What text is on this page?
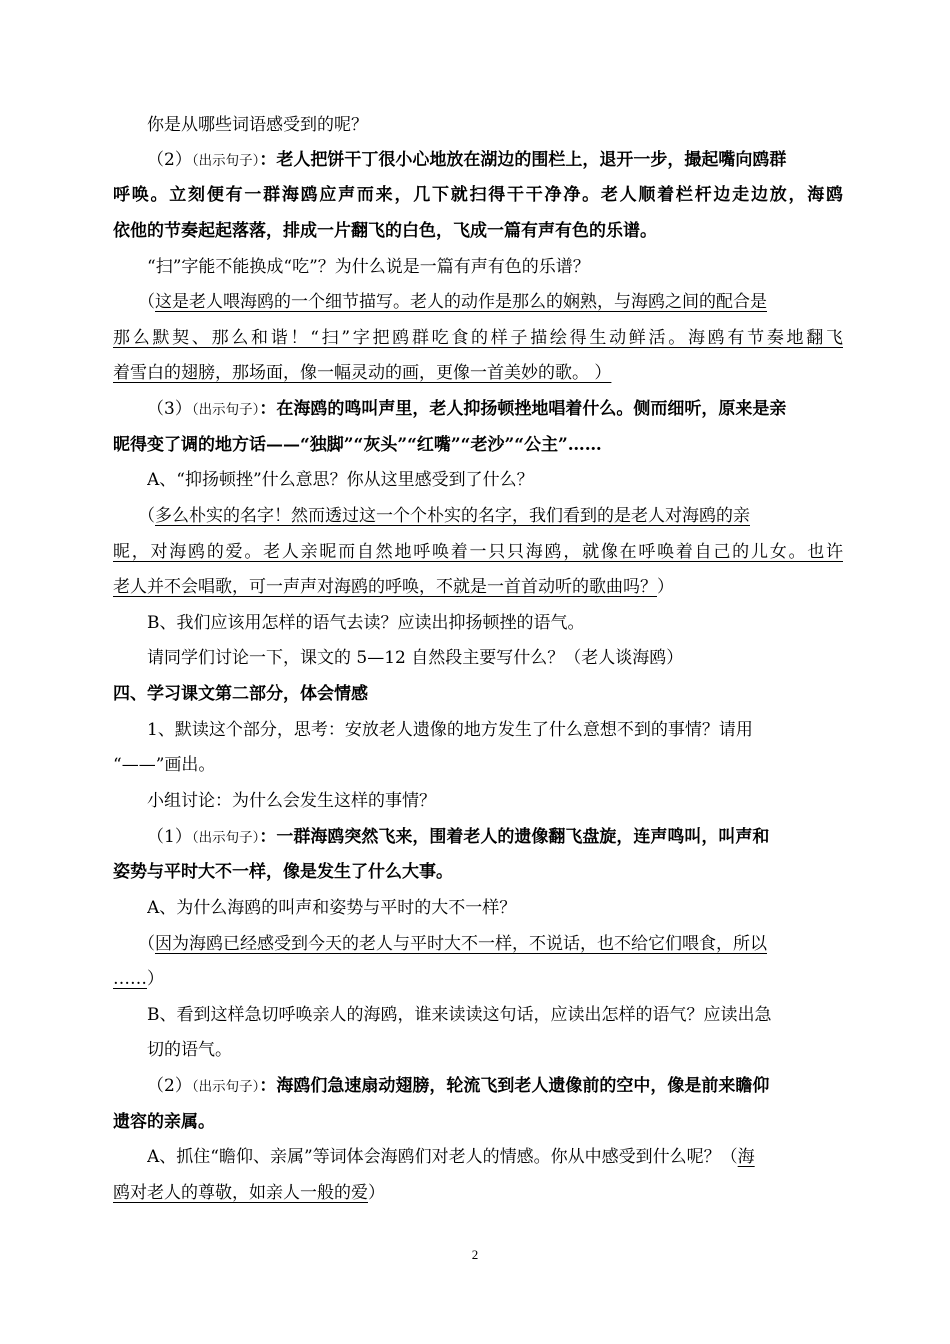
你是从哪些词语感受到的呢？
（2）（出示句子）：老人把饼干丁很小心地放在湖边的围栏上，退开一步，撮起嘴向鸥群
呼唤。立刻便有一群海鸥应声而来，几下就扫得干干净净。老人顺着栏杆边走边放，海鸥
依他的节奏起起落落，排成一片翻飞的白色，飞成一篇有声有色的乐谱。
“扫”字能不能换成“吃”？为什么说是一篇有声有色的乐谱？
（这是老人喂海鸥的一个细节描写。老人的动作是那么的娴熟，与海鸥之间的配合是
那么默契、那么和谐！“扫”字把鸥群吃食的样子描绘得生动鲜活。海鸥有节奏地翻飞
着雪白的翅膀，那场面，像一幅灵动的画，更像一首美妙的歌。 ）
（3）（出示句子）：在海鸥的鸣叫声里，老人抑扬顿挫地唱着什么。侧而细听，原来是亲
昵得变了调的地方话——“独脚”“灰头”“红嘴”“老沙”“公主”……
A、“抑扬顿挫”什么意思？你从这里感受到了什么？
（多么朴实的名字！然而透过这一个个朴实的名字，我们看到的是老人对海鸥的亲
昵，对海鸥的爱。老人亲昵而自然地呼唤着一只只海鸥，就像在呼唤着自己的儿女。也许
老人并不会唱歌，可一声声对海鸥的呼唤，不就是一首首动听的歌曲吗？）
B、我们应该用怎样的语气去读？应读出抑扬顿挫的语气。
请同学们讨论一下，课文的 5—12 自然段主要写什么？（老人谈海鸥）
四、学习课文第二部分，体会情感
1、默读这个部分，思考：安放老人遗像的地方发生了什么意想不到的事情？请用
“——”画出。
小组讨论：为什么会发生这样的事情？
（1）（出示句子）：一群海鸥突然飞来，围着老人的遗像翻飞盘旋，连声鸣叫，叫声和
姿势与平时大不一样，像是发生了什么大事。
A、为什么海鸥的叫声和姿势与平时的大不一样？
（因为海鸥已经感受到今天的老人与平时大不一样，不说话，也不给它们喂食，所以
……）
B、看到这样急切呼唤亲人的海鸥，谁来读读这句话，应读出怎样的语气？应读出急
切的语气。
（2）（出示句子）：海鸥们急速扇动翅膀，轮流飞到老人遗像前的空中，像是前来瞻仰
遗容的亲属。
A、抓住“瞻仰、亲属”等词体会海鸥们对老人的情感。你从中感受到什么呢？（海
鸥对老人的尊敬，如亲人一般的爱）
2
